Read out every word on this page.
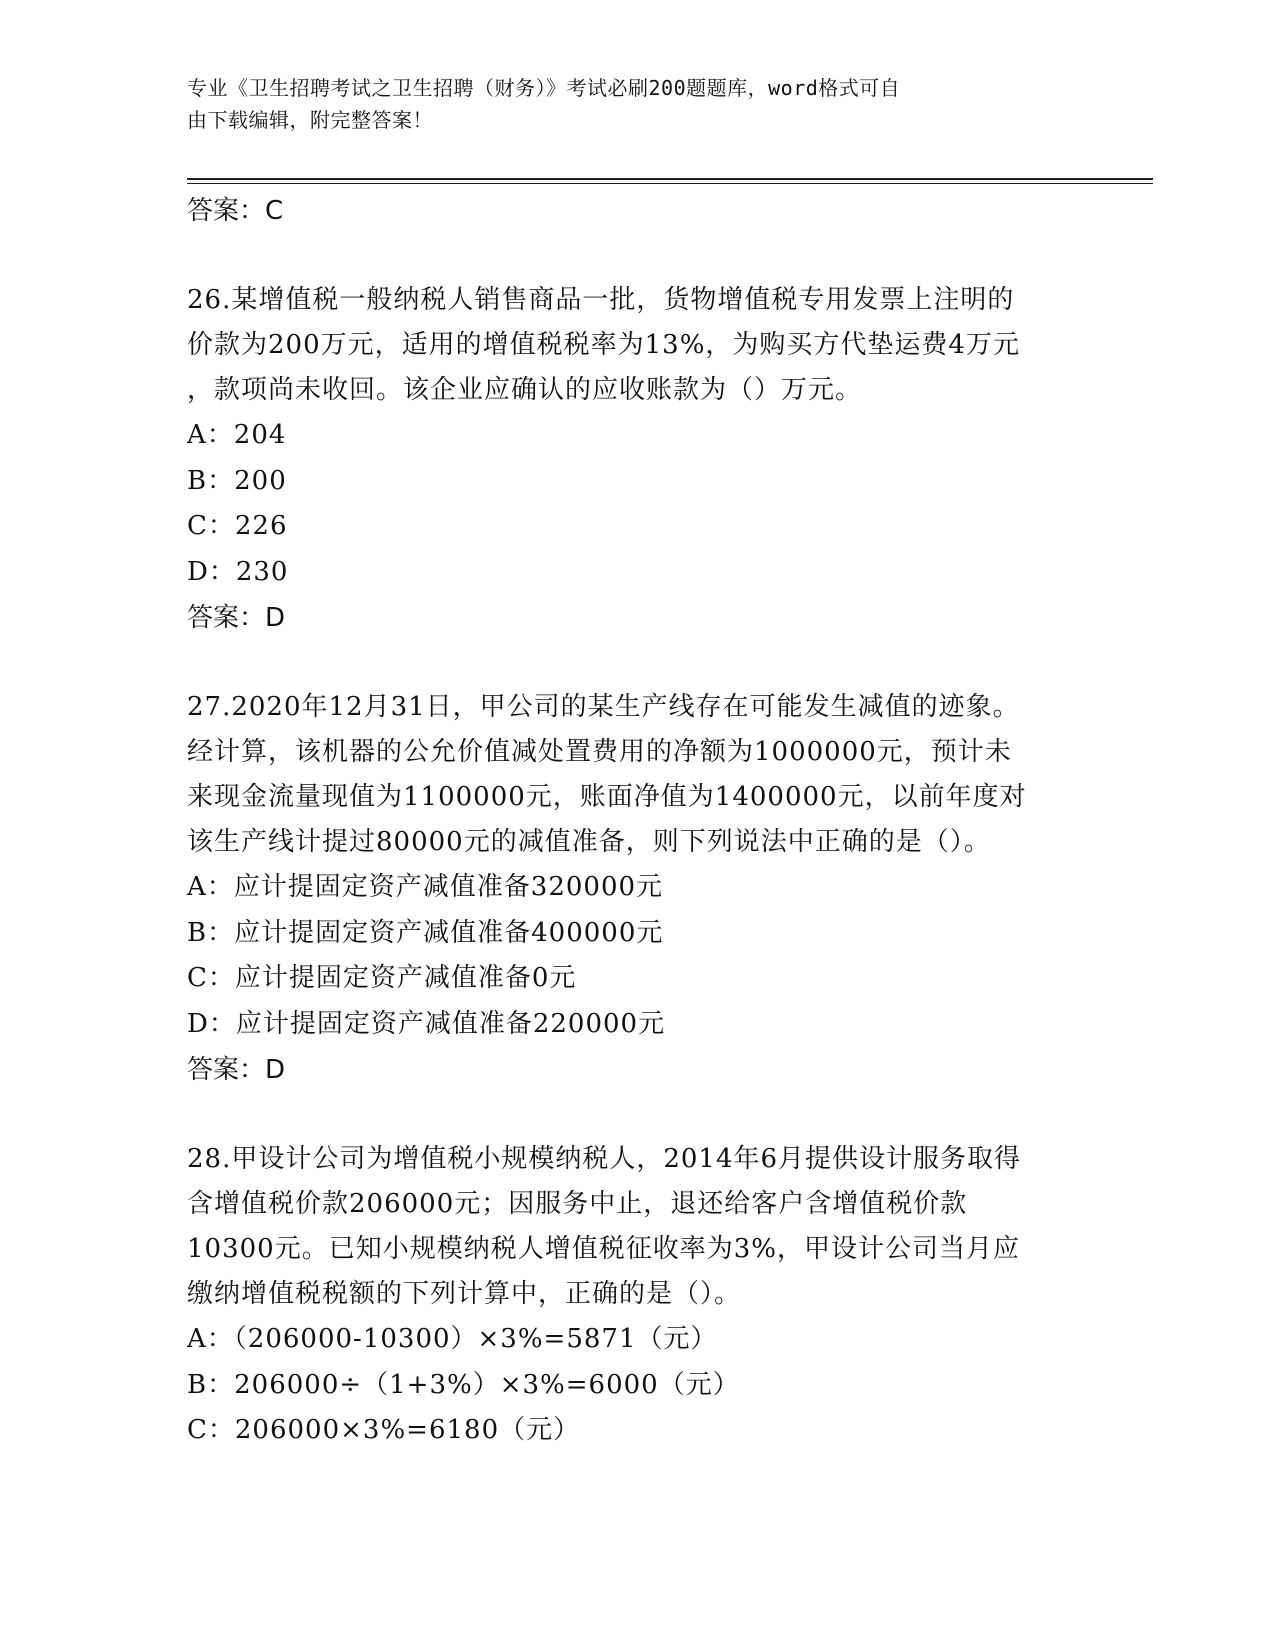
专业《卫生招聘考试之卫生招聘（财务）》考试必刷200题题库，word格式可自
由下载编辑，附完整答案！
答案：C
26.某增值税一般纳税人销售商品一批，货物增值税专用发票上注明的
价款为200万元，适用的增值税税率为13%，为购买方代垫运费4万元
，款项尚未收回。该企业应确认的应收账款为（）万元。
A：204
B：200
C：226
D：230
答案：D
27.2020年12月31日，甲公司的某生产线存在可能发生减值的迹象。
经计算，该机器的公允价值减处置费用的净额为1000000元，预计未
来现金流量现值为1100000元，账面净值为1400000元，以前年度对
该生产线计提过80000元的减值准备，则下列说法中正确的是（）。
A：应计提固定资产减值准备320000元
B：应计提固定资产减值准备400000元
C：应计提固定资产减值准备0元
D：应计提固定资产减值准备220000元
答案：D
28.甲设计公司为增值税小规模纳税人，2014年6月提供设计服务取得
含增值税价款206000元；因服务中止，退还给客户含增值税价款
10300元。已知小规模纳税人增值税征收率为3%，甲设计公司当月应
缴纳增值税税额的下列计算中，正确的是（）。
A：（206000-10300）×3%=5871（元）
B：206000÷（1+3%）×3%=6000（元）
C：206000×3%=6180（元）
